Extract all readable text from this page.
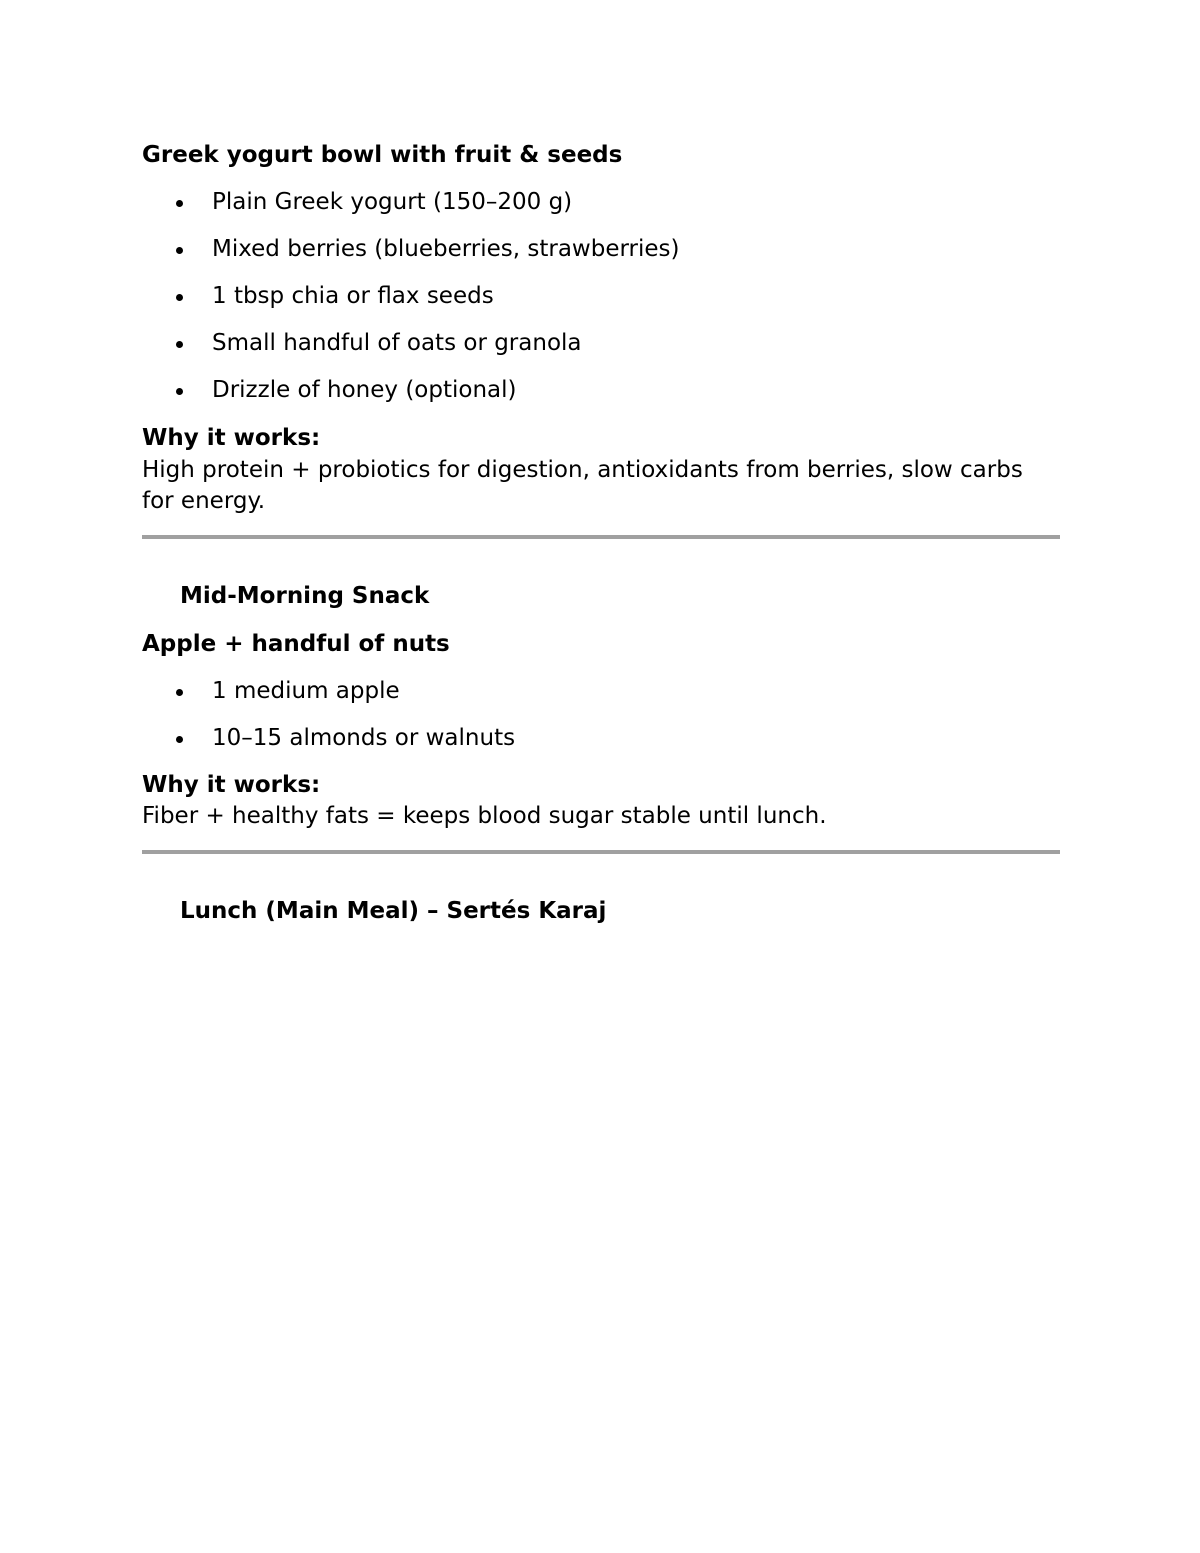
Greek yogurt bowl with fruit & seeds
Plain Greek yogurt (150–200 g)
Mixed berries (blueberries, strawberries)
1 tbsp chia or flax seeds
Small handful of oats or granola
Drizzle of honey (optional)
Why it works:
High protein + probiotics for digestion, antioxidants from berries, slow carbs for energy.
Mid-Morning Snack
Apple + handful of nuts
1 medium apple
10–15 almonds or walnuts
Why it works:
Fiber + healthy fats = keeps blood sugar stable until lunch.
Lunch (Main Meal) – Sertés Karaj
